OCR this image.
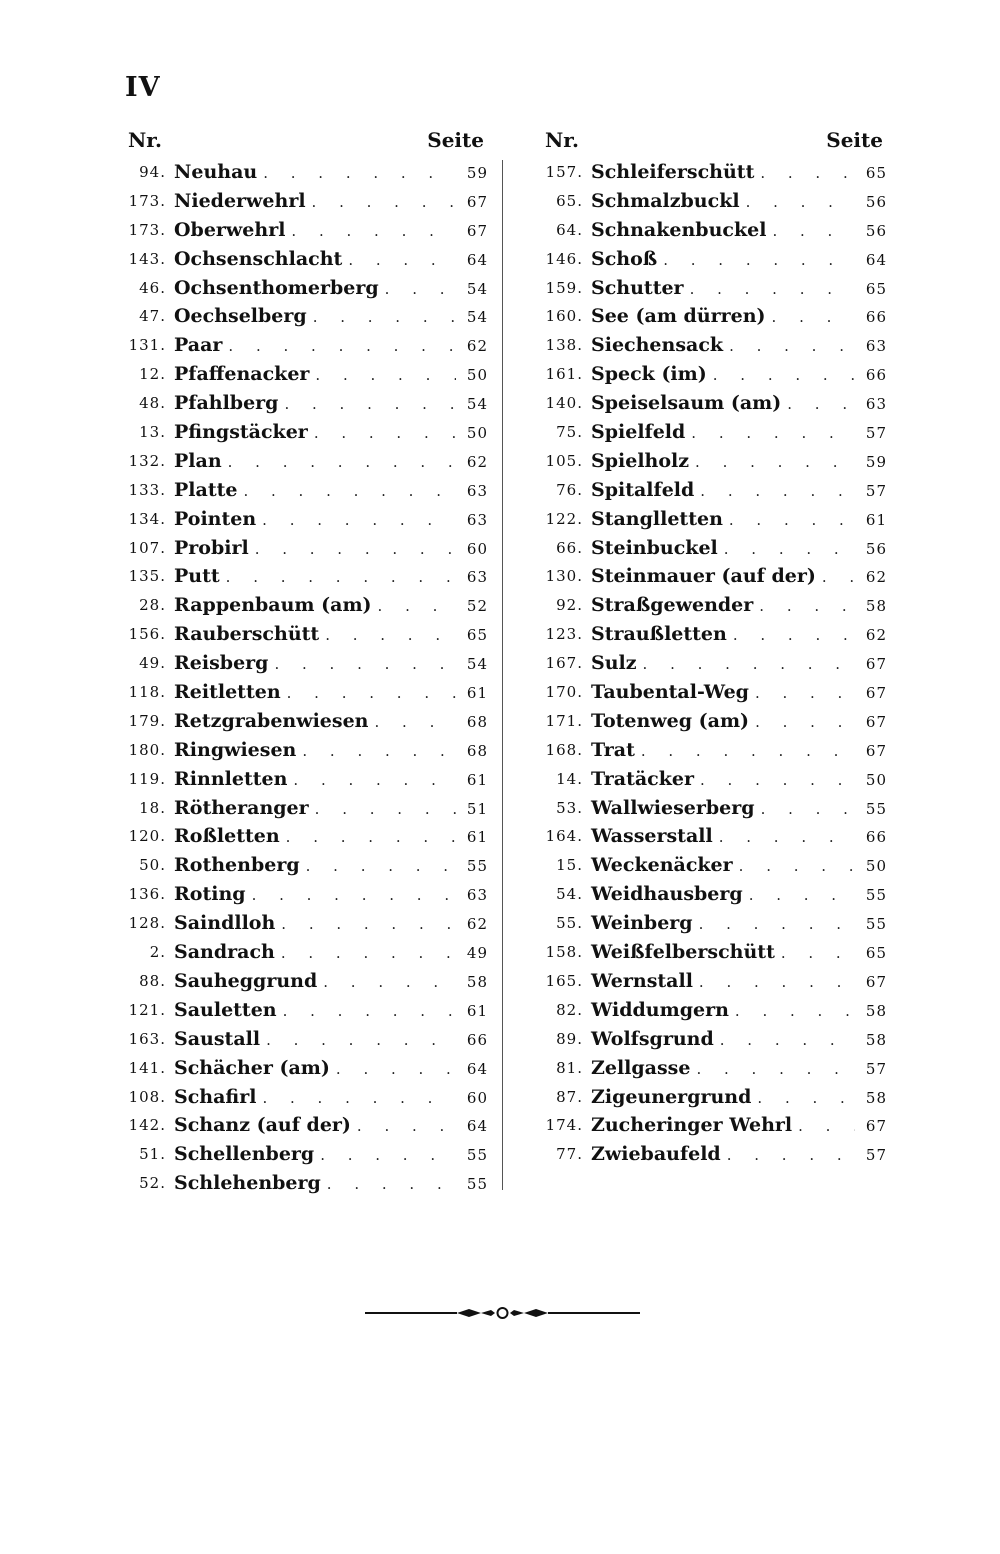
IV
Nr.	Seite
94. Neuhau . . .	59
173. Niederwehrl . . .	67
173. Oberwehrl . . .	67
143. Ochsenschlacht . . .	64
46. Ochsenthomerberg . . .	54
47. Oechselberg . . .	54
131. Paar . . .	62
12. Pfaffenacker . . .	50
48. Pfahlberg . . .	54
13. Pfingstäcker . . .	50
132. Plan . . .	62
133. Platte . . .	63
134. Pointen . . .	63
107. Probirl . . .	60
135. Putt . . .	63
28. Rappenbaum (am) . . .	52
156. Rauberschütt . . .	65
49. Reisberg . . .	54
118. Reitletten . . .	61
179. Retzgrabenwiesen . . .	68
180. Ringwiesen . . .	68
119. Rinnletten . . .	61
18. Rötheranger . . .	51
120. Roßletten . . .	61
50. Rothenberg . . .	55
136. Roting . . .	63
128. Saindlloh . . .	62
2. Sandrach . . .	49
88. Sauheggrund . . .	58
121. Sauletten . . .	61
163. Saustall . . .	66
141. Schächer (am) . . .	64
108. Schafirl . . .	60
142. Schanz (auf der) . . .	64
51. Schellenberg . . .	55
52. Schlehenberg . . .	55
Nr.	Seite
157. Schleiferschütt . . .	65
65. Schmalzbuckl . . .	56
64. Schnakenbuckel . . .	56
146. Schoß . . .	64
159. Schutter . . .	65
160. See (am dürren) . . .	66
138. Siechensack . . .	63
161. Speck (im) . . .	66
140. Speiselsaum (am) . . .	63
75. Spielfeld . . .	57
105. Spielholz . . .	59
76. Spitalfeld . . .	57
122. Stanglletten . . .	61
66. Steinbuckel . . .	56
130. Steinmauer (auf der) . . .	62
92. Straßgewender . . .	58
123. Straußletten . . .	62
167. Sulz . . .	67
170. Taubental-Weg . . .	67
171. Totenweg (am) . . .	67
168. Trat . . .	67
14. Tratäcker . . .	50
53. Wallwieserberg . . .	55
164. Wasserstall . . .	66
15. Weckenäcker . . .	50
54. Weidhausberg . . .	55
55. Weinberg . . .	55
158. Weißfelberschütt . . .	65
165. Wernstall . . .	67
82. Widdumgern . . .	58
89. Wolfsgrund . . .	58
81. Zellgasse . . .	57
87. Zigeunergrund . . .	58
174. Zucheringer Wehrl . . .	67
77. Zwiebaufeld . . .	57
